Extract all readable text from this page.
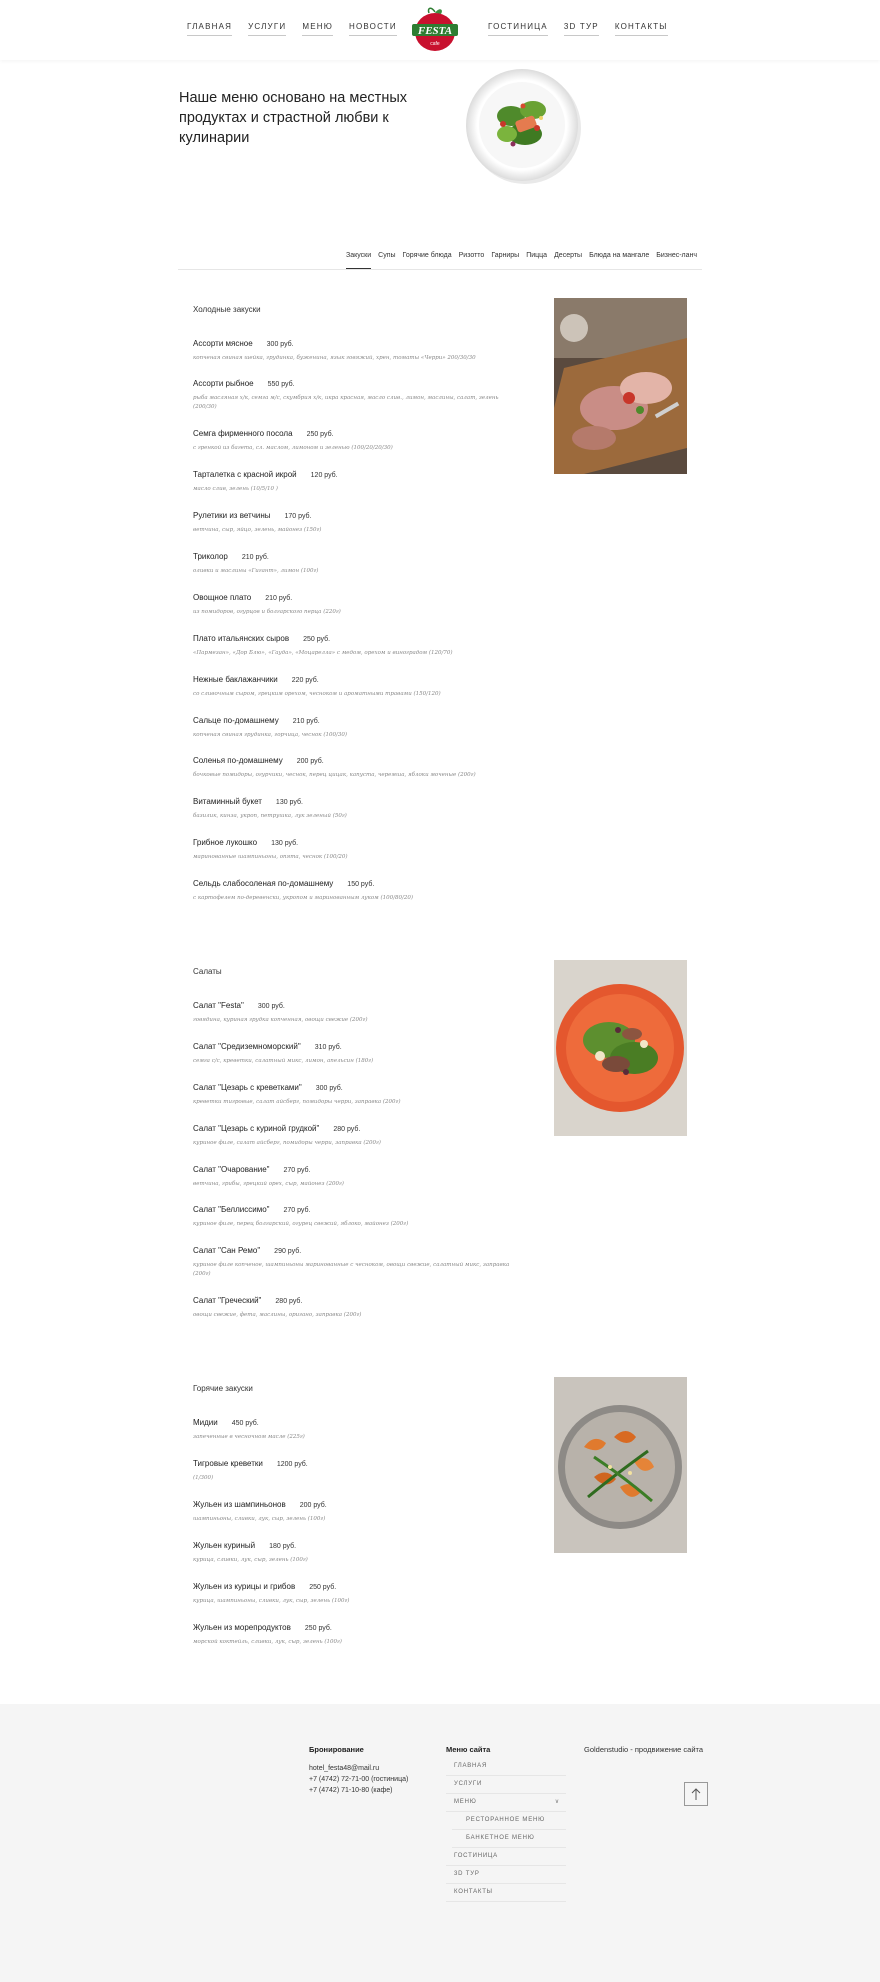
ГЛАВНАЯ УСЛУГИ МЕНЮ НОВОСТИ FESTA
cafe
ГОСТИНИЦА 3D ТУР КОНТАКТЫ
Наше меню основано на местных продуктах и страстной любви к кулинарии
Закуски Супы Горячие блюда Ризотто Гарниры Пицца Десерты Блюда на мангале Бизнес-ланч
Холодные закуски
Ассорти мясное 300 руб.
копченая свиная шейка, грудинка, буженина, язык говяжий, хрен, томаты «Черри» 200/30/30
Ассорти рыбное 550 руб.
рыба масляная х/к, семга м/с, скумбрия х/к, икра красная, масло слив., лимон, маслины, салат, зелень (200/30)
Семга фирменного посола 250 руб.
с гренкой из багета, сл. маслом, лимоном и зеленью (100/20/20/30)
Тарталетка с красной икрой 120 руб.
масло слив, зелень (10/5/10 )
Рулетики из ветчины 170 руб.
ветчина, сыр, яйцо, зелень, майонез (150г)
Триколор 210 руб.
оливки и маслины «Гигант», лимон (100г)
Овощное плато 210 руб.
из помидоров, огурцов и болгарского перца (220г)
Плато итальянских сыров 250 руб.
«Пармезан», «Дор Блю», «Гауда», «Моцарелла» с медом, орехом и виноградом (120/70)
Нежные баклажанчики 220 руб.
со сливочным сыром, грецким орехом, чесноком и ароматными травами (150/120)
Сальце по-домашнему 210 руб.
копченая свиная грудинка, горчица, чеснок (100/30)
Соленья по-домашнему 200 руб.
бочковые помидоры, огурчики, чеснок, перец цицак, капуста, черемша, яблоки моченые (200г)
Витаминный букет 130 руб.
базилик, кинза, укроп, петрушка, лук зеленый (50г)
Грибное лукошко 130 руб.
маринованные шампиньоны, опята, чеснок (100/20)
Сельдь слабосоленая по-домашнему 150 руб.
с картофелем по-деревенски, укропом и маринованным луком (100/80/20)
Салаты
Салат "Festa" 300 руб.
говядина, куриная грудка копченная, овощи свежие (200г)
Салат "Средиземноморский" 310 руб.
семга с/с, креветки, салатный микс, лимон, апельсин (180г)
Салат "Цезарь с креветками" 300 руб.
креветки тигровые, салат айсберг, помидоры черри, заправка (200г)
Салат "Цезарь с куриной грудкой" 280 руб.
куриное филе, салат айсберг, помидоры черри, заправка (200г)
Салат "Очарование" 270 руб.
ветчина, грибы, грецкий орех, сыр, майонез (200г)
Салат "Беллиссимо" 270 руб.
куриное филе, перец болгарский, огурец свежий, яблоко, майонез (200г)
Салат "Сан Ремо" 290 руб.
куриное филе копченое, шампиньоны маринованные с чесноком, овощи свежие, салатный микс, заправка (200г)
Салат "Греческий" 280 руб.
овощи свежие, фета, маслины, оригано, заправка (200г)
Горячие закуски
Мидии 450 руб.
запеченные в чесночном масле (225г)
Тигровые креветки 1200 руб.
(1/300)
Жульен из шампиньонов 200 руб.
шампиньоны, сливки, лук, сыр, зелень (100г)
Жульен куриный 180 руб.
курица, сливки, лук, сыр, зелень (100г)
Жульен из курицы и грибов 250 руб.
курица, шампиньоны, сливки, лук, сыр, зелень (100г)
Жульен из морепродуктов 250 руб.
морской коктейль, сливки, лук, сыр, зелень (100г)
Бронирование
hotel_festa48@mail.ru
+7 (4742) 72-71-00 (гостиница)
+7 (4742) 71-10-80 (кафе)
Меню сайта
ГЛАВНАЯ
УСЛУГИ
МЕНЮ	∨
РЕСТОРАННОЕ МЕНЮ
БАНКЕТНОЕ МЕНЮ
ГОСТИНИЦА
3D ТУР
КОНТАКТЫ
Goldenstudio - продвижение сайта
